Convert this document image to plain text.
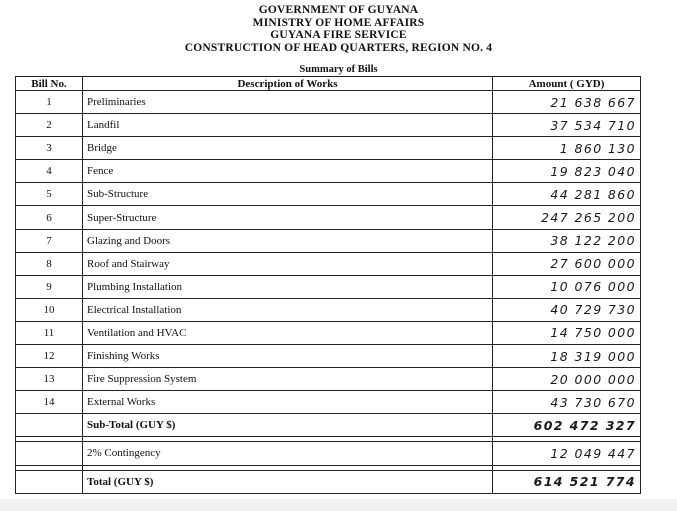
GOVERNMENT OF GUYANA
MINISTRY OF HOME AFFAIRS
GUYANA FIRE SERVICE
CONSTRUCTION OF HEAD QUARTERS, REGION NO. 4
Summary of Bills
Bill No.	Description of Works	Amount ( GYD)
1	Preliminaries	21 638 667
2	Landfil	37 534 710
3	Bridge	1 860 130
4	Fence	19 823 040
5	Sub-Structure	44 281 860
6	Super-Structure	247 265 200
7	Glazing and Doors	38 122 200
8	Roof and Stairway	27 600 000
9	Plumbing Installation	10 076 000
10	Electrical Installation	40 729 730
11	Ventilation and HVAC	14 750 000
12	Finishing Works	18 319 000
13	Fire Suppression System	20 000 000
14	External Works	43 730 670
	Sub-Total (GUY $)	602 472 327

	2% Contingency	12 049 447

	Total (GUY $)	614 521 774
